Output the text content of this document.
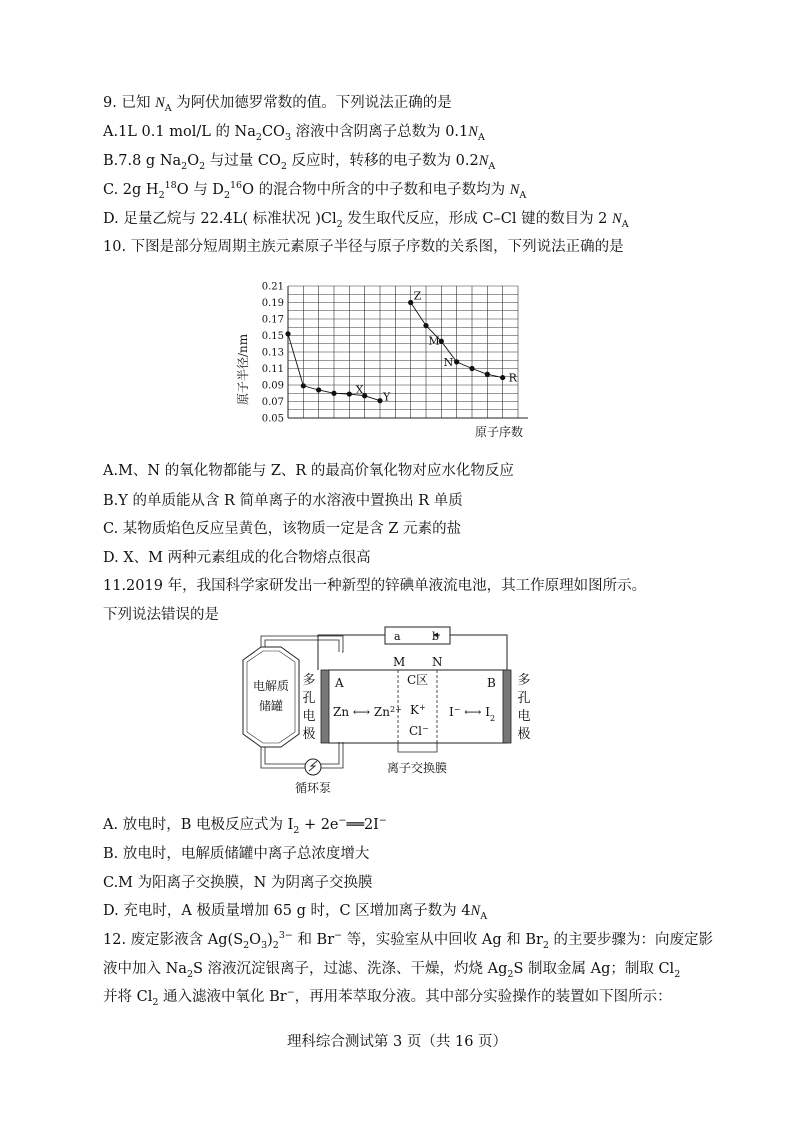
9. 已知 $N_A$ 为阿伏加德罗常数的值。下列说法正确的是
A.1L 0.1 mol/L 的 $Na_2CO_3$ 溶液中含阴离子总数为 $0.1N_A$
B.7.8 g $Na_2O_2$ 与过量 $CO_2$ 反应时，转移的电子数为 $0.2N_A$
C. 2g $H_2^{18}O$ 与 $D_2^{16}O$ 的混合物中所含的中子数和电子数均为 $N_A$
D. 足量乙烷与 22.4L( 标准状况 )$Cl_2$ 发生取代反应，形成 C–Cl 键的数目为 2 $N_A$
10. 下图是部分短周期主族元素原子半径与原子序数的关系图，下列说法正确的是
0.21
0.19
0.17
0.15
0.13
0.11
0.09
0.07
0.05
X
Y
Z
M
N
R
原子半径/nm
原子序数
A.M、N 的氧化物都能与 Z、R 的最高价氧化物对应水化物反应
B.Y 的单质能从含 R 简单离子的水溶液中置换出 R 单质
C. 某物质焰色反应呈黄色，该物质一定是含 Z 元素的盐
D. X、M 两种元素组成的化合物熔点很高
11.2019 年，我国科学家研发出一种新型的锌碘单液流电池，其工作原理如图所示。
下列说法错误的是
a	b
电解质
储罐
循环泵
多
孔
电
极
多
孔
电
极
M N
A	B
C区
Zn ⟷ $Zn^{2+}$ K+
Cl−
I− ⟷ $I_2$
离子交换膜
A. 放电时，B 电极反应式为 $I_2$ + 2e−══2I−
B. 放电时，电解质储罐中离子总浓度增大
C.M 为阳离子交换膜，N 为阴离子交换膜
D. 充电时，A 极质量增加 65 g 时，C 区增加离子数为 $4N_A$
12. 废定影液含 $Ag(S_2O_3)_2^{3-}$ 和 Br− 等，实验室从中回收 Ag 和 $Br_2$ 的主要步骤为：向废定影
液中加入 $Na_2S$ 溶液沉淀银离子，过滤、洗涤、干燥，灼烧 $Ag_2S$ 制取金属 Ag；制取 $Cl_2$
并将 $Cl_2$ 通入滤液中氧化 Br−，再用苯萃取分液。其中部分实验操作的装置如下图所示：
理科综合测试第 3 页（共 16 页）
